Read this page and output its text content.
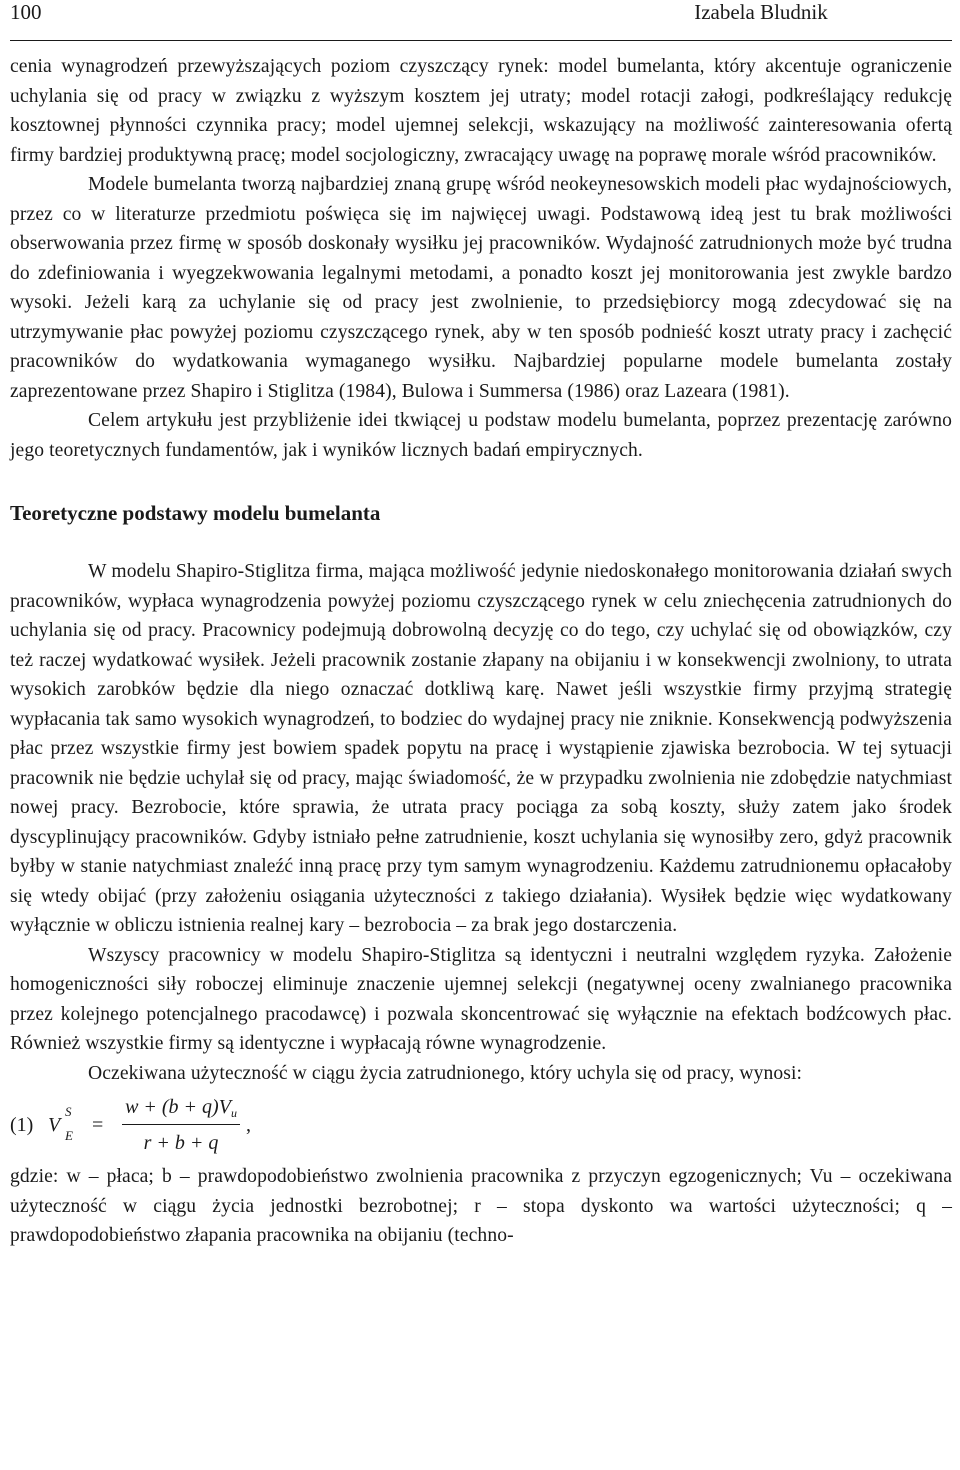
100	Izabela Bludnik

cenia wynagrodzeń przewyższających poziom czyszczący rynek: model bumelanta, który akcentuje ograniczenie uchylania się od pracy w związku z wyższym kosztem jej utraty; model rotacji załogi, podkreślający redukcję kosztownej płynności czynnika pracy; model ujemnej selekcji, wskazujący na możliwość zainteresowania ofertą firmy bardziej produktywną pracę; model socjologiczny, zwracający uwagę na poprawę morale wśród pracowników.

Modele bumelanta tworzą najbardziej znaną grupę wśród neokeynesowskich modeli płac wydajnościowych, przez co w literaturze przedmiotu poświęca się im najwięcej uwagi. Podstawową ideą jest tu brak możliwości obserwowania przez firmę w sposób doskonały wysiłku jej pracowników. Wydajność zatrudnionych może być trudna do zdefiniowania i wyegzekwowania legalnymi metodami, a ponadto koszt jej monitorowania jest zwykle bardzo wysoki. Jeżeli karą za uchylanie się od pracy jest zwolnienie, to przedsiębiorcy mogą zdecydować się na utrzymywanie płac powyżej poziomu czyszczącego rynek, aby w ten sposób podnieść koszt utraty pracy i zachęcić pracowników do wydatkowania wymaganego wysiłku. Najbardziej popularne modele bumelanta zostały zaprezentowane przez Shapiro i Stiglitza (1984), Bulowa i Summersa (1986) oraz Lazeara (1981).

Celem artykułu jest przybliżenie idei tkwiącej u podstaw modelu bumelanta, poprzez prezentację zarówno jego teoretycznych fundamentów, jak i wyników licznych badań empirycznych.

Teoretyczne podstawy modelu bumelanta

W modelu Shapiro-Stiglitza firma, mająca możliwość jedynie niedoskonałego monitorowania działań swych pracowników, wypłaca wynagrodzenia powyżej poziomu czyszczącego rynek w celu zniechęcenia zatrudnionych do uchylania się od pracy. Pracownicy podejmują dobrowolną decyzję co do tego, czy uchylać się od obowiązków, czy też raczej wydatkować wysiłek. Jeżeli pracownik zostanie złapany na obijaniu i w konsekwencji zwolniony, to utrata wysokich zarobków będzie dla niego oznaczać dotkliwą karę. Nawet jeśli wszystkie firmy przyjmą strategię wypłacania tak samo wysokich wynagrodzeń, to bodziec do wydajnej pracy nie zniknie. Konsekwencją podwyższenia płac przez wszystkie firmy jest bowiem spadek popytu na pracę i wystąpienie zjawiska bezrobocia. W tej sytuacji pracownik nie będzie uchylał się od pracy, mając świadomość, że w przypadku zwolnienia nie zdobędzie natychmiast nowej pracy. Bezrobocie, które sprawia, że utrata pracy pociąga za sobą koszty, służy zatem jako środek dyscyplinujący pracowników. Gdyby istniało pełne zatrudnienie, koszt uchylania się wynosiłby zero, gdyż pracownik byłby w stanie natychmiast znaleźć inną pracę przy tym samym wynagrodzeniu. Każdemu zatrudnionemu opłacałoby się wtedy obijać (przy założeniu osiągania użyteczności z takiego działania). Wysiłek będzie więc wydatkowany wyłącznie w obliczu istnienia realnej kary – bezrobocia – za brak jego dostarczenia.

Wszyscy pracownicy w modelu Shapiro-Stiglitza są identyczni i neutralni względem ryzyka. Założenie homogeniczności siły roboczej eliminuje znaczenie ujemnej selekcji (negatywnej oceny zwalnianego pracownika przez kolejnego potencjalnego pracodawcę) i pozwala skoncentrować się wyłącznie na efektach bodźcowych płac. Również wszystkie firmy są identyczne i wypłacają równe wynagrodzenie.

Oczekiwana użyteczność w ciągu życia zatrudnionego, który uchyla się od pracy, wynosi:

(1) V
S
E =
$w + (b + q)V_u$
r + b + q
,

gdzie: w – płaca; b – prawdopodobieństwo zwolnienia pracownika z przyczyn egzogenicznych; Vu – oczekiwana użyteczność w ciągu życia jednostki bezrobotnej; r – stopa dyskonto wa wartości użyteczności; q – prawdopodobieństwo złapania pracownika na obijaniu (techno-
